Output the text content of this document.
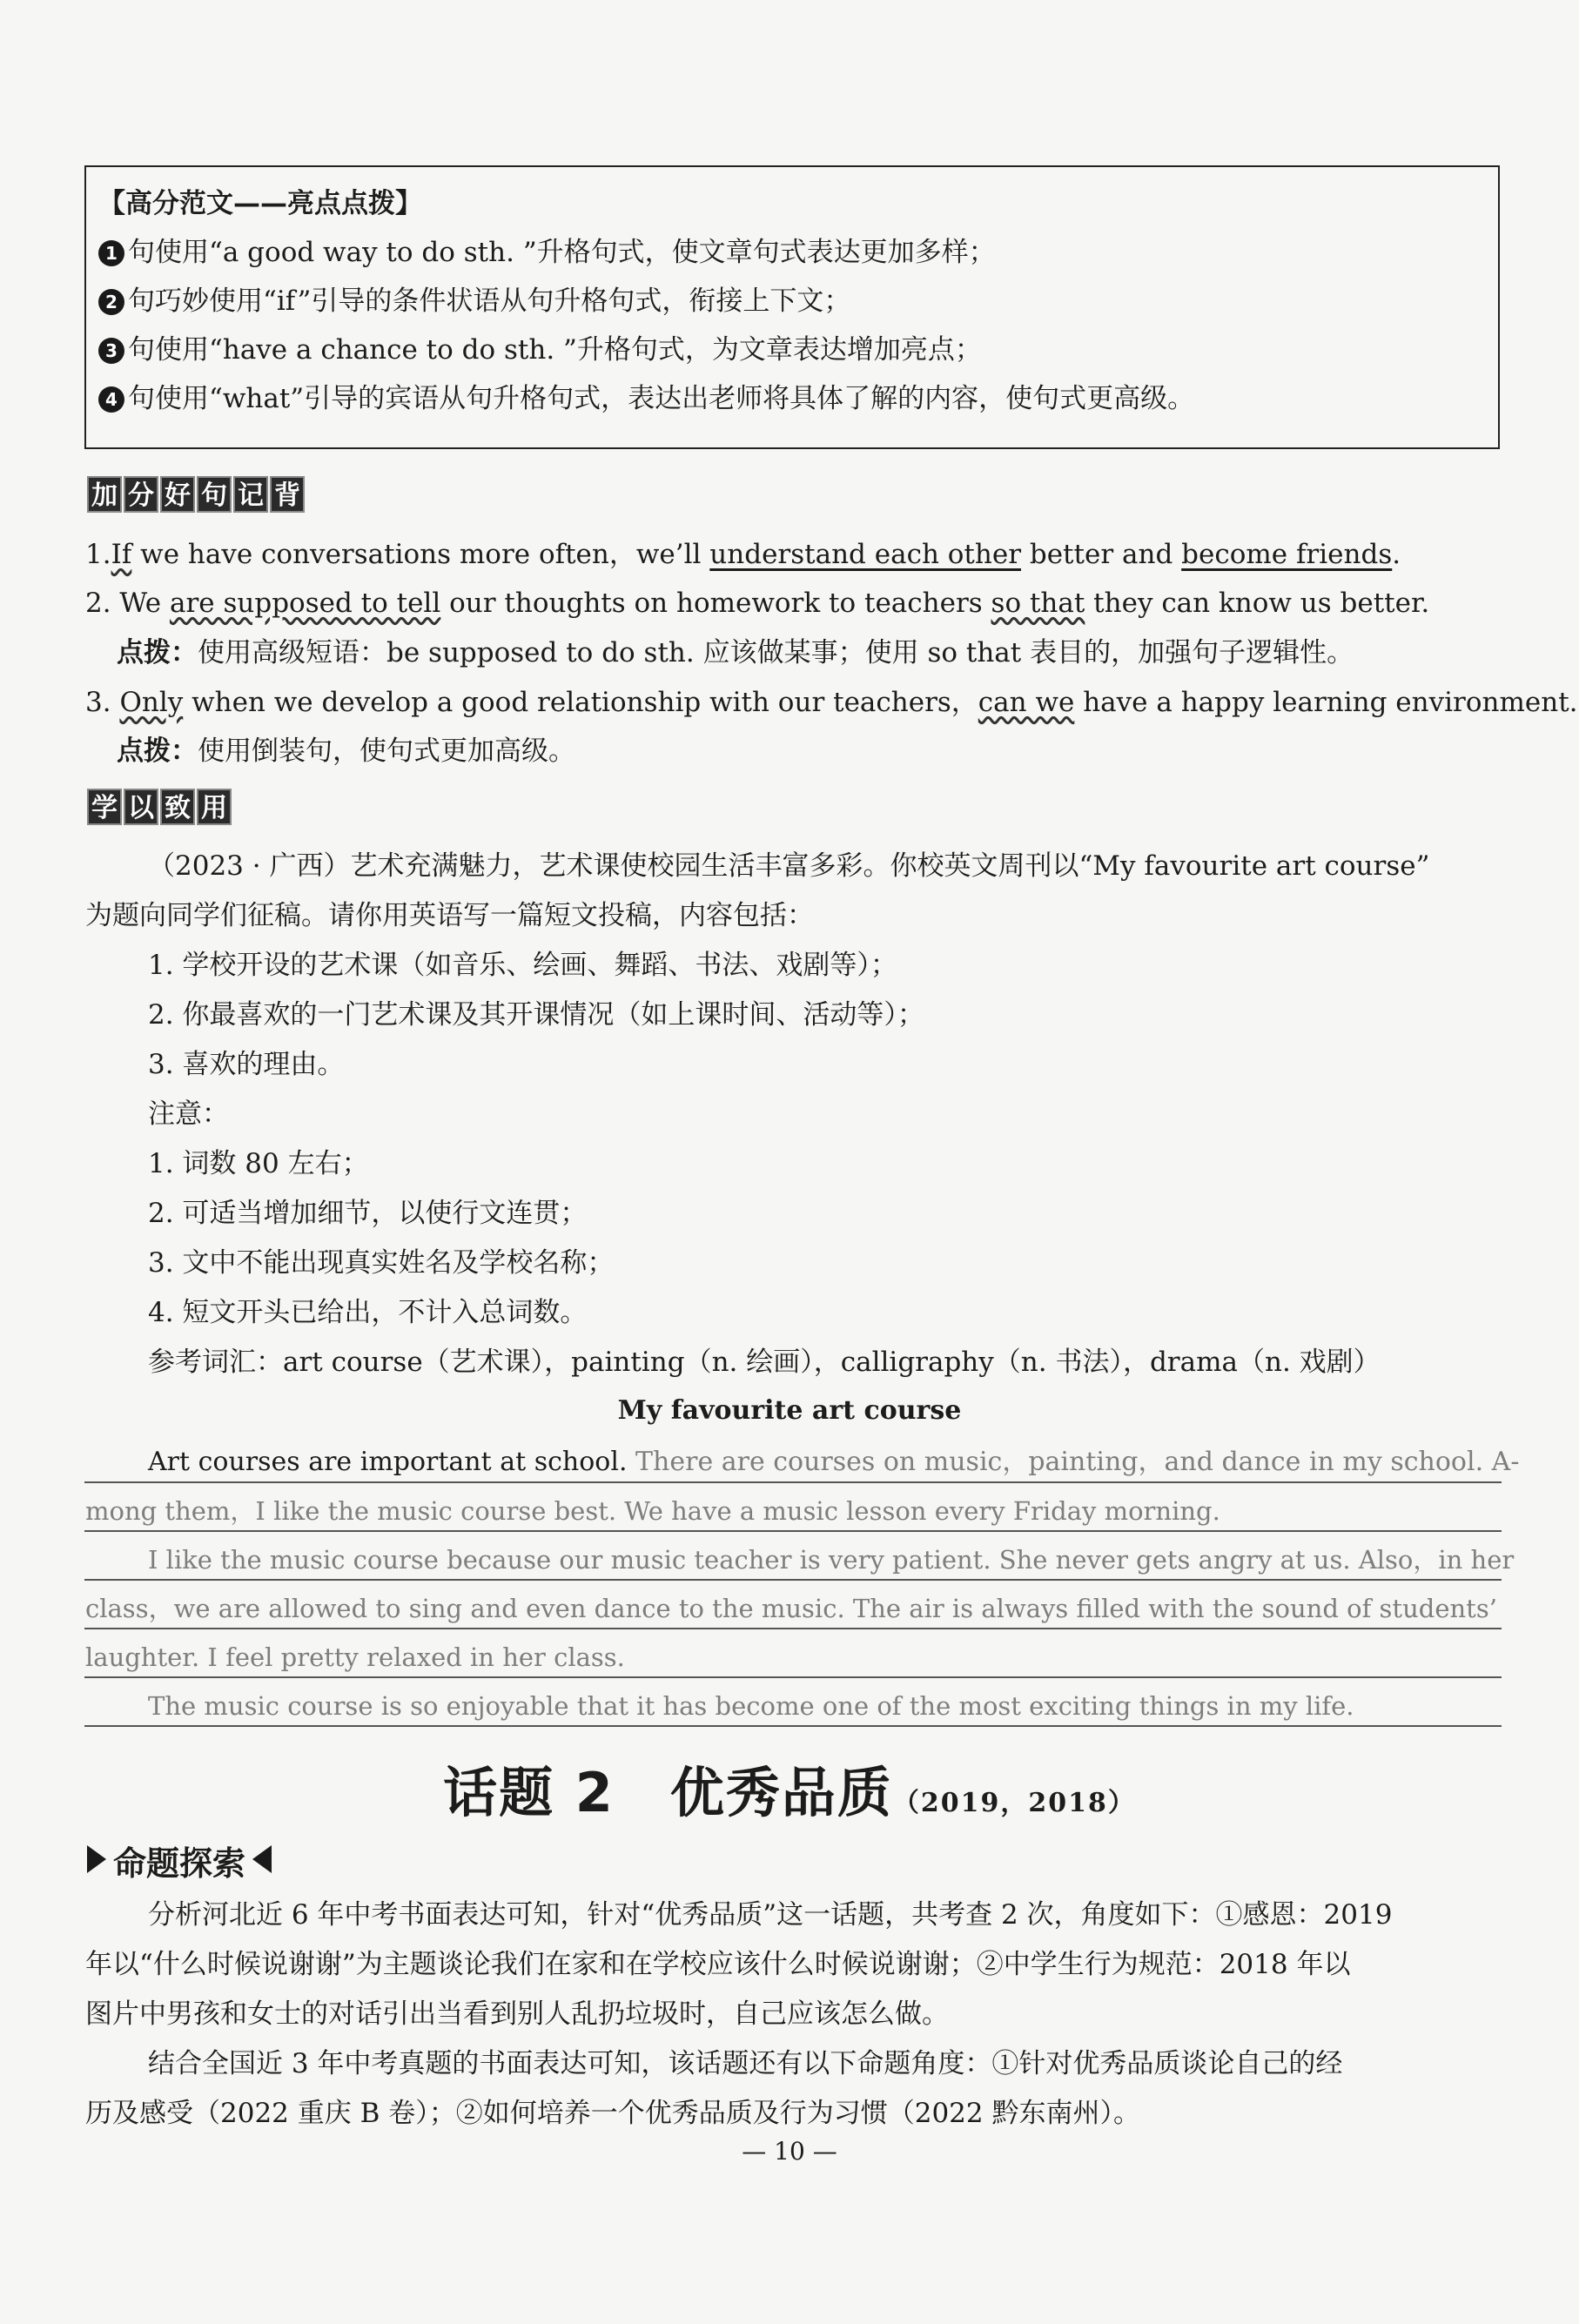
【高分范文——亮点点拨】
1 句使用“a good way to do sth. ”升格句式，使文章句式表达更加多样；
2 句巧妙使用“if”引导的条件状语从句升格句式，衔接上下文；
3 句使用“have a chance to do sth. ”升格句式，为文章表达增加亮点；
4 句使用“what”引导的宾语从句升格句式，表达出老师将具体了解的内容，使句式更高级。
加 分 好 句 记 背
1.If we have conversations more often，we’ll understand each other better and become friends.
2. We are supposed to tell our thoughts on homework to teachers so that they can know us better.
点拨：使用高级短语：be supposed to do sth. 应该做某事；使用 so that 表目的，加强句子逻辑性。
3. Only when we develop a good relationship with our teachers，can we have a happy learning environment.
点拨：使用倒装句，使句式更加高级。
学 以 致 用
（2023 · 广西）艺术充满魅力，艺术课使校园生活丰富多彩。你校英文周刊以“My favourite art course”
为题向同学们征稿。请你用英语写一篇短文投稿，内容包括：
1. 学校开设的艺术课（如音乐、绘画、舞蹈、书法、戏剧等）；
2. 你最喜欢的一门艺术课及其开课情况（如上课时间、活动等）；
3. 喜欢的理由。
注意：
1. 词数 80 左右；
2. 可适当增加细节，以使行文连贯；
3. 文中不能出现真实姓名及学校名称；
4. 短文开头已给出，不计入总词数。
参考词汇：art course（艺术课），painting（n. 绘画），calligraphy（n. 书法），drama（n. 戏剧）
My favourite art course
Art courses are important at school. There are courses on music，painting，and dance in my school. A-
mong them，I like the music course best. We have a music lesson every Friday morning.
I like the music course because our music teacher is very patient. She never gets angry at us. Also，in her
class，we are allowed to sing and even dance to the music. The air is always filled with the sound of students’
laughter. I feel pretty relaxed in her class.
The music course is so enjoyable that it has become one of the most exciting things in my life.
话题 2　优秀品质（2019，2018）
命题探索
分析河北近 6 年中考书面表达可知，针对“优秀品质”这一话题，共考查 2 次，角度如下：①感恩：2019
年以“什么时候说谢谢”为主题谈论我们在家和在学校应该什么时候说谢谢；②中学生行为规范：2018 年以
图片中男孩和女士的对话引出当看到别人乱扔垃圾时，自己应该怎么做。
结合全国近 3 年中考真题的书面表达可知，该话题还有以下命题角度：①针对优秀品质谈论自己的经
历及感受（2022 重庆 B 卷）；②如何培养一个优秀品质及行为习惯（2022 黔东南州）。
— 10 —
